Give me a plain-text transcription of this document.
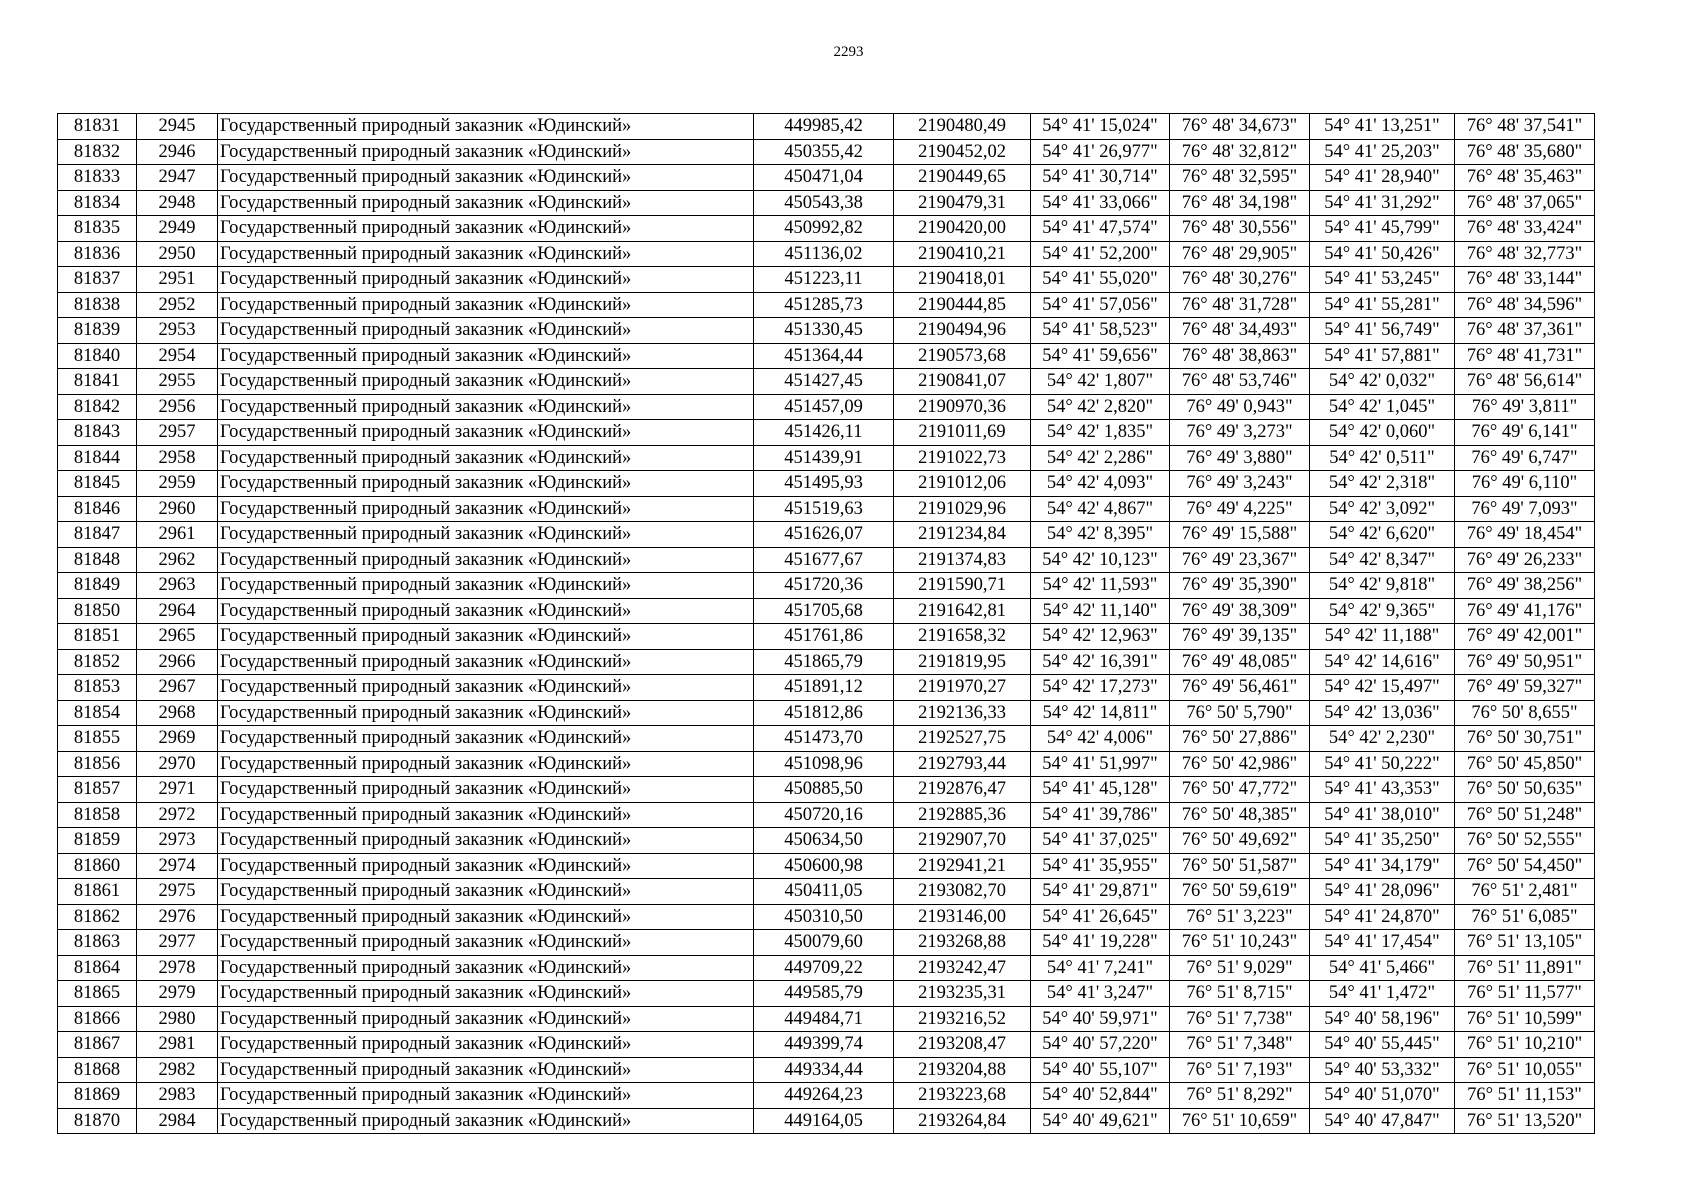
2293
81831	2945	Государственный природный заказник «Юдинский»	449985,42	2190480,49	54° 41' 15,024"	76° 48' 34,673"	54° 41' 13,251"	76° 48' 37,541"
81832	2946	Государственный природный заказник «Юдинский»	450355,42	2190452,02	54° 41' 26,977"	76° 48' 32,812"	54° 41' 25,203"	76° 48' 35,680"
81833	2947	Государственный природный заказник «Юдинский»	450471,04	2190449,65	54° 41' 30,714"	76° 48' 32,595"	54° 41' 28,940"	76° 48' 35,463"
81834	2948	Государственный природный заказник «Юдинский»	450543,38	2190479,31	54° 41' 33,066"	76° 48' 34,198"	54° 41' 31,292"	76° 48' 37,065"
81835	2949	Государственный природный заказник «Юдинский»	450992,82	2190420,00	54° 41' 47,574"	76° 48' 30,556"	54° 41' 45,799"	76° 48' 33,424"
81836	2950	Государственный природный заказник «Юдинский»	451136,02	2190410,21	54° 41' 52,200"	76° 48' 29,905"	54° 41' 50,426"	76° 48' 32,773"
81837	2951	Государственный природный заказник «Юдинский»	451223,11	2190418,01	54° 41' 55,020"	76° 48' 30,276"	54° 41' 53,245"	76° 48' 33,144"
81838	2952	Государственный природный заказник «Юдинский»	451285,73	2190444,85	54° 41' 57,056"	76° 48' 31,728"	54° 41' 55,281"	76° 48' 34,596"
81839	2953	Государственный природный заказник «Юдинский»	451330,45	2190494,96	54° 41' 58,523"	76° 48' 34,493"	54° 41' 56,749"	76° 48' 37,361"
81840	2954	Государственный природный заказник «Юдинский»	451364,44	2190573,68	54° 41' 59,656"	76° 48' 38,863"	54° 41' 57,881"	76° 48' 41,731"
81841	2955	Государственный природный заказник «Юдинский»	451427,45	2190841,07	54° 42' 1,807"	76° 48' 53,746"	54° 42' 0,032"	76° 48' 56,614"
81842	2956	Государственный природный заказник «Юдинский»	451457,09	2190970,36	54° 42' 2,820"	76° 49' 0,943"	54° 42' 1,045"	76° 49' 3,811"
81843	2957	Государственный природный заказник «Юдинский»	451426,11	2191011,69	54° 42' 1,835"	76° 49' 3,273"	54° 42' 0,060"	76° 49' 6,141"
81844	2958	Государственный природный заказник «Юдинский»	451439,91	2191022,73	54° 42' 2,286"	76° 49' 3,880"	54° 42' 0,511"	76° 49' 6,747"
81845	2959	Государственный природный заказник «Юдинский»	451495,93	2191012,06	54° 42' 4,093"	76° 49' 3,243"	54° 42' 2,318"	76° 49' 6,110"
81846	2960	Государственный природный заказник «Юдинский»	451519,63	2191029,96	54° 42' 4,867"	76° 49' 4,225"	54° 42' 3,092"	76° 49' 7,093"
81847	2961	Государственный природный заказник «Юдинский»	451626,07	2191234,84	54° 42' 8,395"	76° 49' 15,588"	54° 42' 6,620"	76° 49' 18,454"
81848	2962	Государственный природный заказник «Юдинский»	451677,67	2191374,83	54° 42' 10,123"	76° 49' 23,367"	54° 42' 8,347"	76° 49' 26,233"
81849	2963	Государственный природный заказник «Юдинский»	451720,36	2191590,71	54° 42' 11,593"	76° 49' 35,390"	54° 42' 9,818"	76° 49' 38,256"
81850	2964	Государственный природный заказник «Юдинский»	451705,68	2191642,81	54° 42' 11,140"	76° 49' 38,309"	54° 42' 9,365"	76° 49' 41,176"
81851	2965	Государственный природный заказник «Юдинский»	451761,86	2191658,32	54° 42' 12,963"	76° 49' 39,135"	54° 42' 11,188"	76° 49' 42,001"
81852	2966	Государственный природный заказник «Юдинский»	451865,79	2191819,95	54° 42' 16,391"	76° 49' 48,085"	54° 42' 14,616"	76° 49' 50,951"
81853	2967	Государственный природный заказник «Юдинский»	451891,12	2191970,27	54° 42' 17,273"	76° 49' 56,461"	54° 42' 15,497"	76° 49' 59,327"
81854	2968	Государственный природный заказник «Юдинский»	451812,86	2192136,33	54° 42' 14,811"	76° 50' 5,790"	54° 42' 13,036"	76° 50' 8,655"
81855	2969	Государственный природный заказник «Юдинский»	451473,70	2192527,75	54° 42' 4,006"	76° 50' 27,886"	54° 42' 2,230"	76° 50' 30,751"
81856	2970	Государственный природный заказник «Юдинский»	451098,96	2192793,44	54° 41' 51,997"	76° 50' 42,986"	54° 41' 50,222"	76° 50' 45,850"
81857	2971	Государственный природный заказник «Юдинский»	450885,50	2192876,47	54° 41' 45,128"	76° 50' 47,772"	54° 41' 43,353"	76° 50' 50,635"
81858	2972	Государственный природный заказник «Юдинский»	450720,16	2192885,36	54° 41' 39,786"	76° 50' 48,385"	54° 41' 38,010"	76° 50' 51,248"
81859	2973	Государственный природный заказник «Юдинский»	450634,50	2192907,70	54° 41' 37,025"	76° 50' 49,692"	54° 41' 35,250"	76° 50' 52,555"
81860	2974	Государственный природный заказник «Юдинский»	450600,98	2192941,21	54° 41' 35,955"	76° 50' 51,587"	54° 41' 34,179"	76° 50' 54,450"
81861	2975	Государственный природный заказник «Юдинский»	450411,05	2193082,70	54° 41' 29,871"	76° 50' 59,619"	54° 41' 28,096"	76° 51' 2,481"
81862	2976	Государственный природный заказник «Юдинский»	450310,50	2193146,00	54° 41' 26,645"	76° 51' 3,223"	54° 41' 24,870"	76° 51' 6,085"
81863	2977	Государственный природный заказник «Юдинский»	450079,60	2193268,88	54° 41' 19,228"	76° 51' 10,243"	54° 41' 17,454"	76° 51' 13,105"
81864	2978	Государственный природный заказник «Юдинский»	449709,22	2193242,47	54° 41' 7,241"	76° 51' 9,029"	54° 41' 5,466"	76° 51' 11,891"
81865	2979	Государственный природный заказник «Юдинский»	449585,79	2193235,31	54° 41' 3,247"	76° 51' 8,715"	54° 41' 1,472"	76° 51' 11,577"
81866	2980	Государственный природный заказник «Юдинский»	449484,71	2193216,52	54° 40' 59,971"	76° 51' 7,738"	54° 40' 58,196"	76° 51' 10,599"
81867	2981	Государственный природный заказник «Юдинский»	449399,74	2193208,47	54° 40' 57,220"	76° 51' 7,348"	54° 40' 55,445"	76° 51' 10,210"
81868	2982	Государственный природный заказник «Юдинский»	449334,44	2193204,88	54° 40' 55,107"	76° 51' 7,193"	54° 40' 53,332"	76° 51' 10,055"
81869	2983	Государственный природный заказник «Юдинский»	449264,23	2193223,68	54° 40' 52,844"	76° 51' 8,292"	54° 40' 51,070"	76° 51' 11,153"
81870	2984	Государственный природный заказник «Юдинский»	449164,05	2193264,84	54° 40' 49,621"	76° 51' 10,659"	54° 40' 47,847"	76° 51' 13,520"
